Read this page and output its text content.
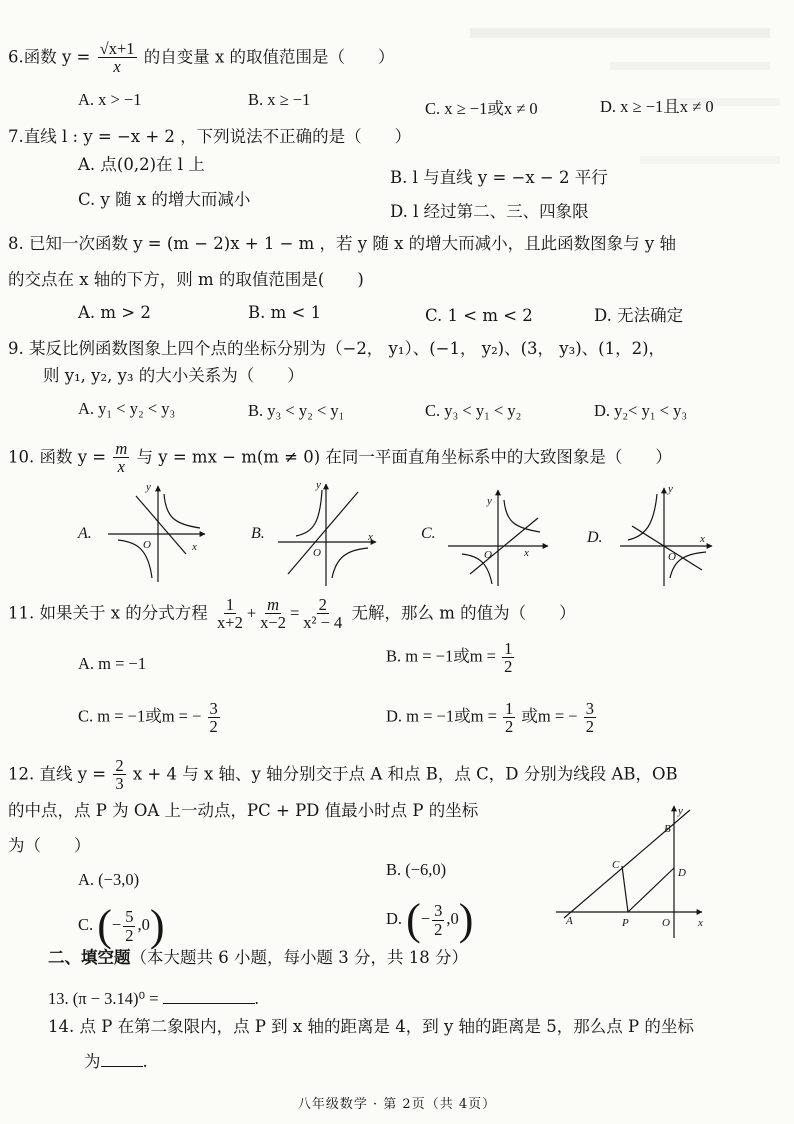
6.函数 $y = \frac{√x+1}{x}$ 的自变量 x 的取值范围是（　　）
A. x > −1	B. x ≥ −1	C. x ≥ −1或x ≠ 0	D. x ≥ −1且x ≠ 0
7.直线 l : y = −x + 2 ，下列说法不正确的是（　　）
A. 点(0,2)在 l 上
B. l 与直线 y = −x − 2 平行
C. y 随 x 的增大而减小
D. l 经过第二、三、四象限
8. 已知一次函数 y = (m − 2)x + 1 − m ，若 y 随 x 的增大而减小，且此函数图象与 y 轴
的交点在 x 轴的下方，则 m 的取值范围是(　　)
A. m > 2	B. m < 1	C. 1 < m < 2	D. 无法确定
9. 某反比例函数图象上四个点的坐标分别为（−2， y₁）、(−1， y₂)、(3， y₃)、(1，2)，
则 y₁, y₂, y₃ 的大小关系为（　　）
A. y₁ < y₂ < y₃	B. y₃ < y₂ < y₁	C. y₃ < y₁ < y₂	D. y₂< y₁ < y₃
10. 函数 $y = \frac{m}{x}$ 与 y = mx − m(m ≠ 0) 在同一平面直角坐标系中的大致图象是（　　）
A.
y
x
O
B.
y
x
O
C.
y
x
O
D.
y
x
O
11. 如果关于 x 的分式方程 $\frac{1}{x+2} + \frac{m}{x-2} = \frac{2}{\text{x² − 4}}$ 无解，那么 m 的值为（　　）
A. m = −1	B. m = −1或$m = \frac{1}{2}$
C. m = −1或m = − $\frac{3}{2}$	D. m = −1或$m = \frac{1}{2}$ 或m = − $\frac{3}{2}$
12. 直线 $y = \frac{2}{3}$ x + 4 与 x 轴、y 轴分别交于点 A 和点 B，点 C，D 分别为线段 AB，OB
的中点，点 P 为 OA 上一动点，PC + PD 值最小时点 P 的坐标
为（　　）
A. (−3,0)
B. (−6,0)
C. (− $\frac{5}{2} ,0$)	D. (− $\frac{3}{2} ,0$)	A
B
C
D
P	O	x
y
二、填空题（本大题共 6 小题，每小题 3 分，共 18 分）
13. (π − 3.14)⁰ =	.
14. 点 P 在第二象限内，点 P 到 x 轴的距离是 4，到 y 轴的距离是 5，那么点 P 的坐标
为	.
八年级数学 · 第 2页（共 4页）
